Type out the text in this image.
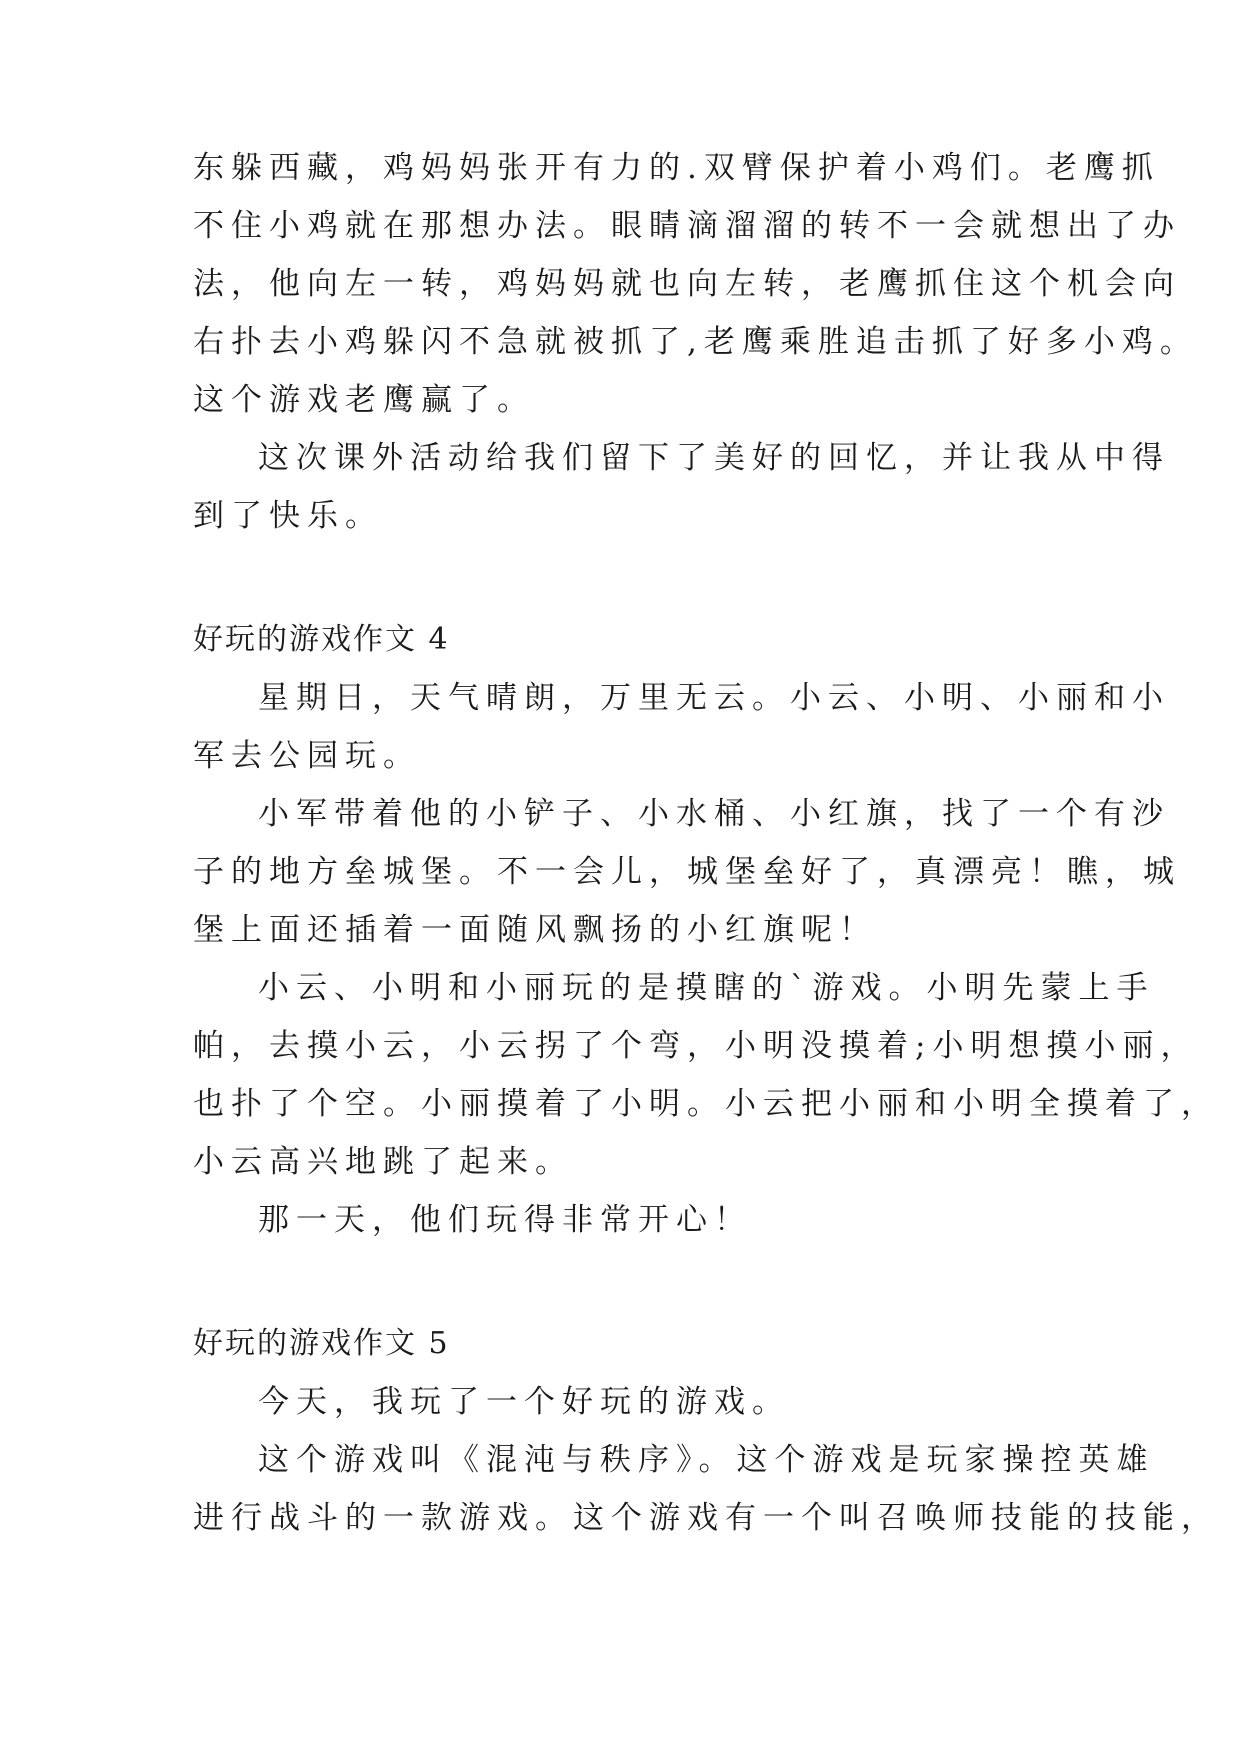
东躲西藏，鸡妈妈张开有力的.双臂保护着小鸡们。老鹰抓

不住小鸡就在那想办法。眼睛滴溜溜的转不一会就想出了办

法，他向左一转，鸡妈妈就也向左转，老鹰抓住这个机会向

右扑去小鸡躲闪不急就被抓了,老鹰乘胜追击抓了好多小鸡。

这个游戏老鹰赢了。

这次课外活动给我们留下了美好的回忆，并让我从中得

到了快乐。

好玩的游戏作文 4

星期日，天气晴朗，万里无云。小云、小明、小丽和小

军去公园玩。

小军带着他的小铲子、小水桶、小红旗，找了一个有沙

子的地方垒城堡。不一会儿，城堡垒好了，真漂亮！瞧，城

堡上面还插着一面随风飘扬的小红旗呢！

小云、小明和小丽玩的是摸瞎的`游戏。小明先蒙上手

帕，去摸小云，小云拐了个弯，小明没摸着;小明想摸小丽，

也扑了个空。小丽摸着了小明。小云把小丽和小明全摸着了，

小云高兴地跳了起来。

那一天，他们玩得非常开心！

好玩的游戏作文 5

今天，我玩了一个好玩的游戏。

这个游戏叫《混沌与秩序》。这个游戏是玩家操控英雄

进行战斗的一款游戏。这个游戏有一个叫召唤师技能的技能，
